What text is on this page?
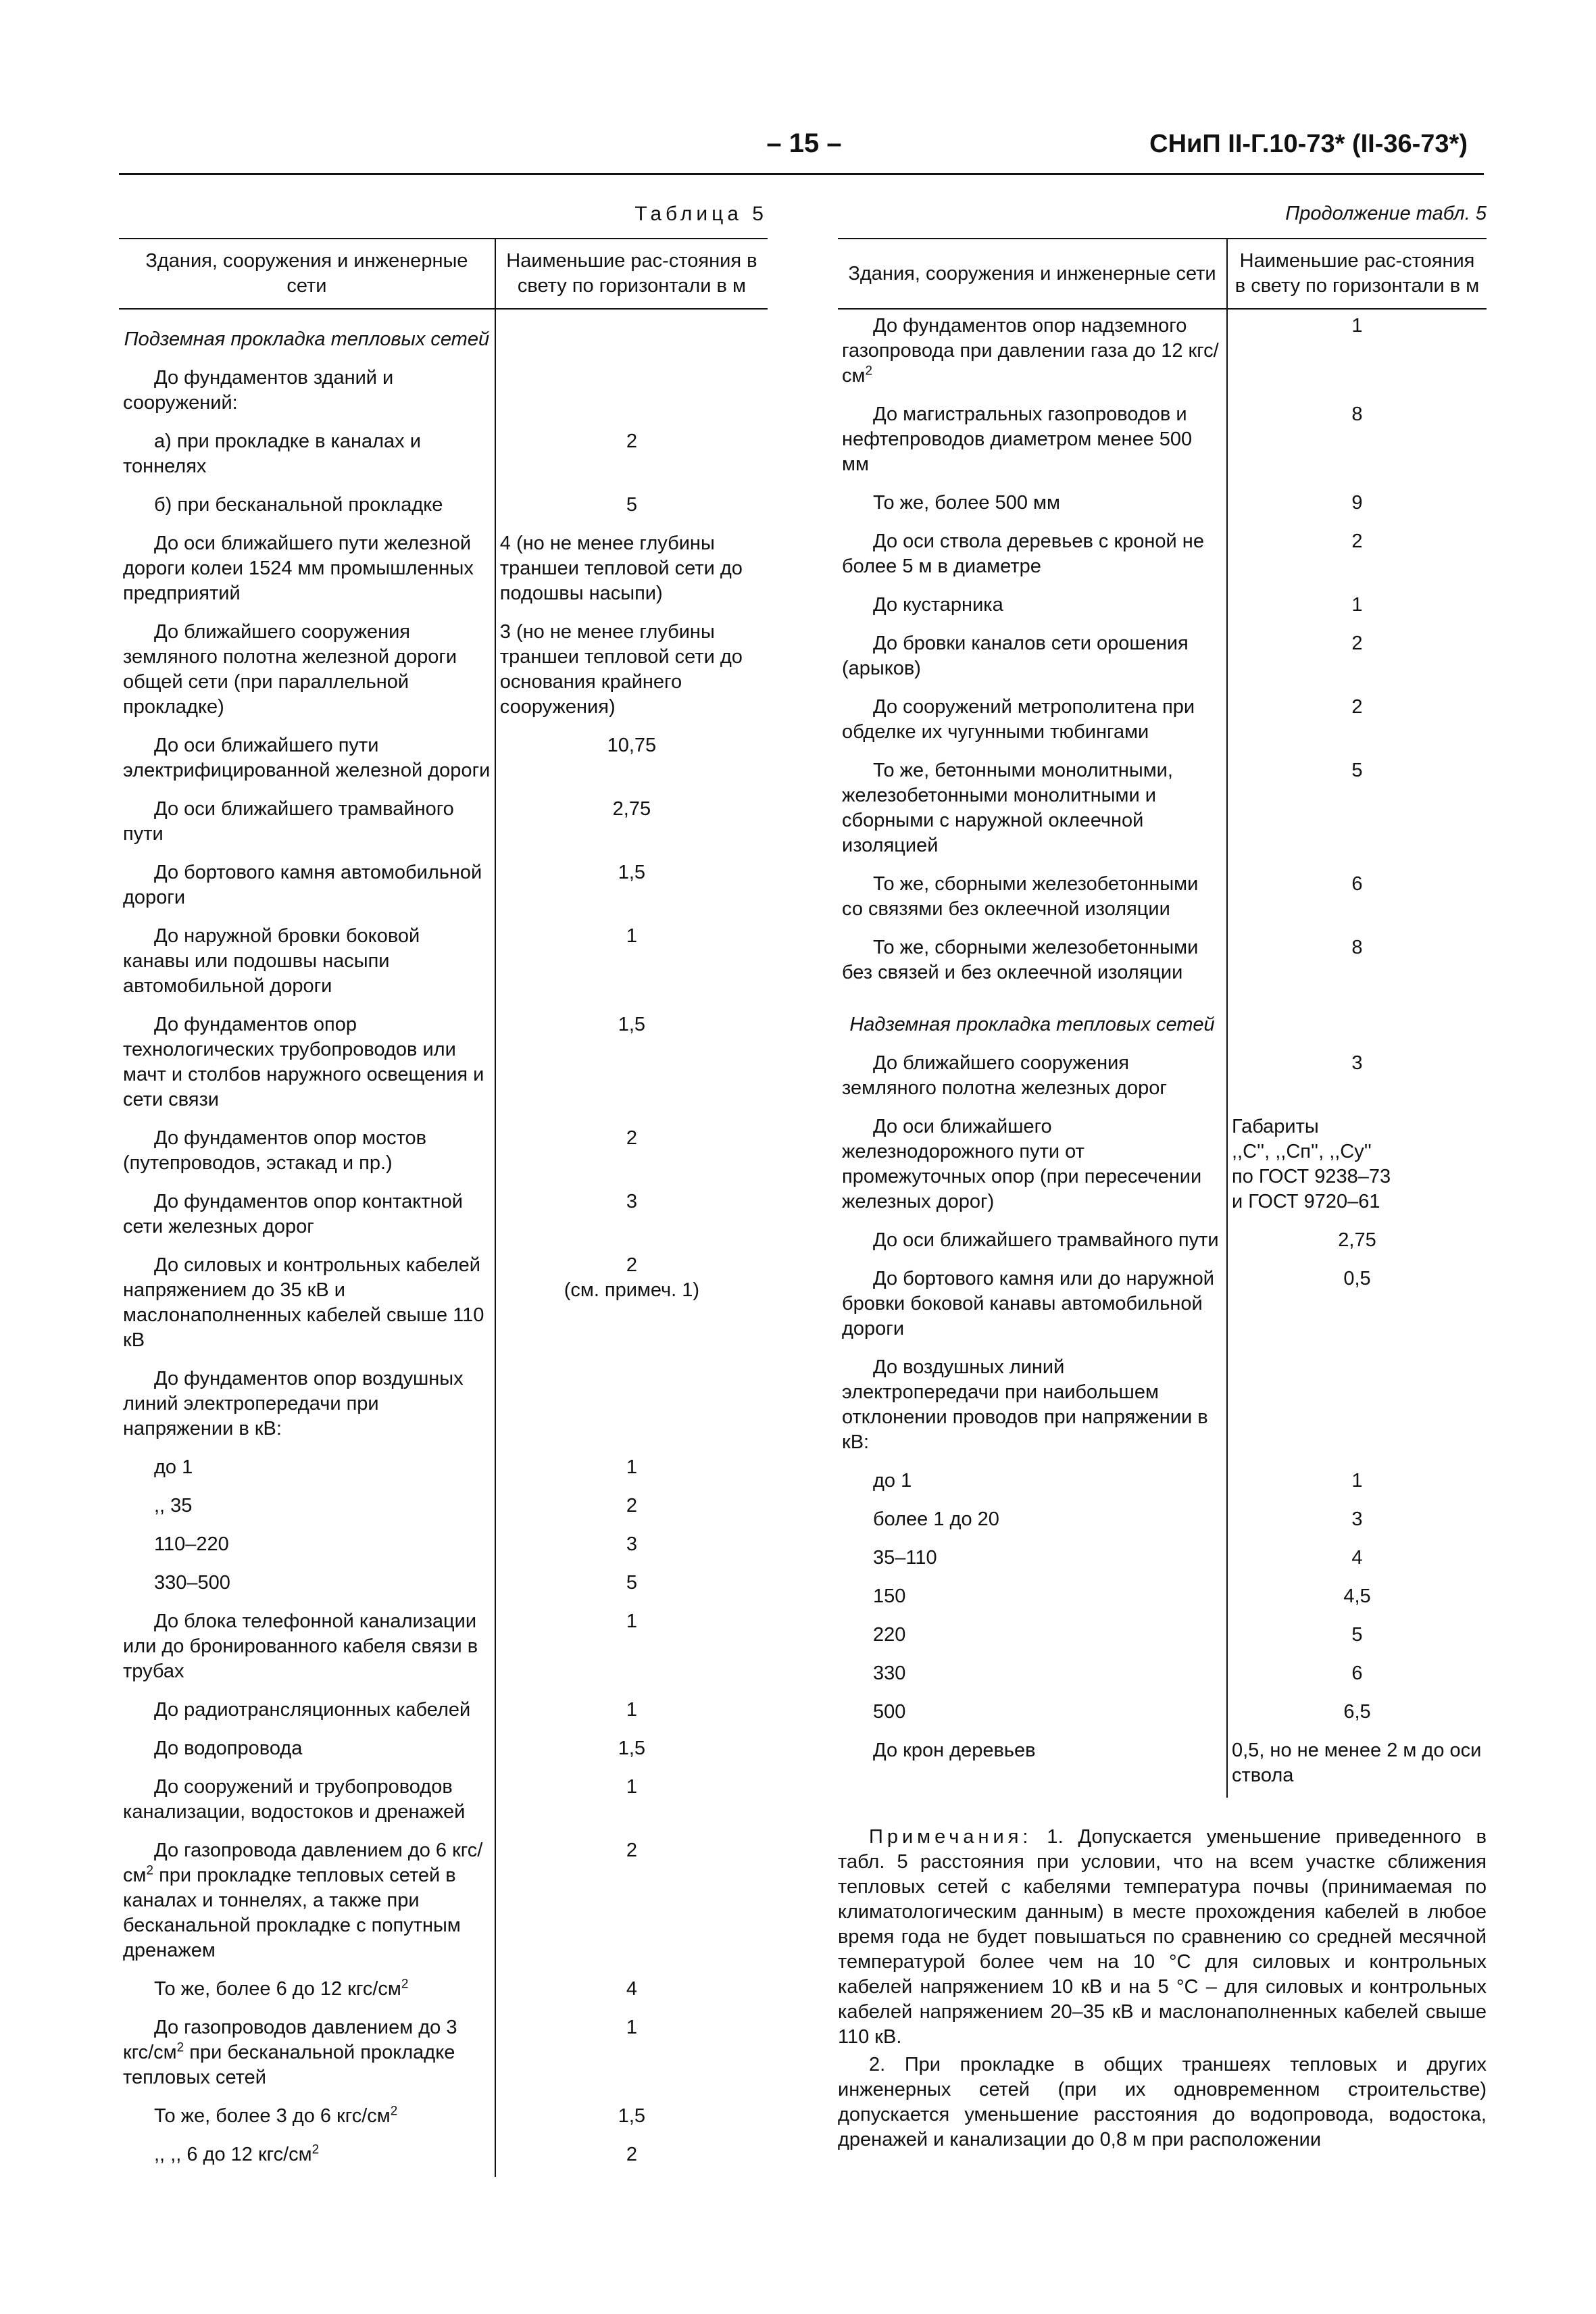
– 15 –	СНиП II-Г.10-73* (II-36-73*)
Таблица 5
Здания, сооружения и инженерные сети	Наименьшие рас-стояния в свету по горизонтали в м
Подземная прокладка тепловых сетей	
До фундаментов зданий и сооружений:	

а) при прокладке в каналах и тоннелях	2

б) при бесканальной прокладке	5

До оси ближайшего пути железной дороги колеи 1524 мм промышленных предприятий	4 (но не менее глубины траншеи тепловой сети до подошвы насыпи)

До ближайшего сооружения земляного полотна железной дороги общей сети (при параллельной прокладке)	3 (но не менее глубины траншеи тепловой сети до основания крайнего сооружения)

До оси ближайшего пути электрифицированной железной дороги	10,75

До оси ближайшего трамвайного пути	2,75

До бортового камня автомобильной дороги	1,5

До наружной бровки боковой канавы или подошвы насыпи автомобильной дороги	1

До фундаментов опор технологических трубопроводов или мачт и столбов наружного освещения и сети связи	1,5

До фундаментов опор мостов (путепроводов, эстакад и пр.)	2

До фундаментов опор контактной сети железных дорог	3

До силовых и контрольных кабелей напряжением до 35 кВ и маслонаполненных кабелей свыше 110 кВ	2
(см. примеч. 1)

До фундаментов опор воздушных линий электропередачи при напряжении в кВ:	

до 1	1

,, 35	2

110–220	3

330–500	5

До блока телефонной канализации или до бронированного кабеля связи в трубах	1

До радиотрансляционных кабелей	1

До водопровода	1,5

До сооружений и трубопроводов канализации, водостоков и дренажей	1

До газопровода давлением до 6 кгс/$см^2$ при прокладке тепловых сетей в каналах и тоннелях, а также при бесканальной прокладке с попутным дренажем	2

То же, более 6 до 12 кгс/$см^2$	4

До газопроводов давлением до 3 кгс/$см^2$ при бесканальной прокладке тепловых сетей	1

То же, более 3 до 6 кгс/$см^2$	1,5

,, ,, 6 до 12 кгс/$см^2$	2
Продолжение табл. 5
Здания, сооружения и инженерные сети	Наименьшие рас-стояния в свету по горизонтали в м
До фундаментов опор надземного газопровода при давлении газа до 12 кгс/$см^2$	1

До магистральных газопроводов и нефтепроводов диаметром менее 500 мм	8

То же, более 500 мм	9

До оси ствола деревьев с кроной не более 5 м в диаметре	2

До кустарника	1

До бровки каналов сети орошения (арыков)	2

До сооружений метрополитена при обделке их чугунными тюбингами	2

То же, бетонными монолитными, железобетонными монолитными и сборными с наружной оклеечной изоляцией	5

То же, сборными железобетонными со связями без оклеечной изоляции	6

То же, сборными железобетонными без связей и без оклеечной изоляции	8

Надземная прокладка тепловых сетей	
До ближайшего сооружения земляного полотна железных дорог	3

До оси ближайшего железнодорожного пути от промежуточных опор (при пересечении железных дорог)	Габариты
,,С'', ,,Сп'', ,,Су''
по ГОСТ 9238–73
и ГОСТ 9720–61

До оси ближайшего трамвайного пути	2,75

До бортового камня или до наружной бровки боковой канавы автомобильной дороги	0,5

До воздушных линий электропередачи при наибольшем отклонении проводов при напряжении в кВ:	

до 1	1

более 1 до 20	3

35–110	4

150	4,5

220	5

330	6

500	6,5

До крон деревьев	0,5, но не менее 2 м до оси ствола

Примечания: 1. Допускается уменьшение приведенного в табл. 5 расстояния при условии, что на всем участке сближения тепловых сетей с кабелями температура почвы (принимаемая по климатологическим данным) в месте прохождения кабелей в любое время года не будет повышаться по сравнению со средней месячной температурой более чем на 10 °С для силовых и контрольных кабелей напряжением 10 кВ и на 5 °С – для силовых и контрольных кабелей напряжением 20–35 кВ и маслонаполненных кабелей свыше 110 кВ.

2. При прокладке в общих траншеях тепловых и других инженерных сетей (при их одновременном строительстве) допускается уменьшение расстояния до водопровода, водостока, дренажей и канализации до 0,8 м при расположении
